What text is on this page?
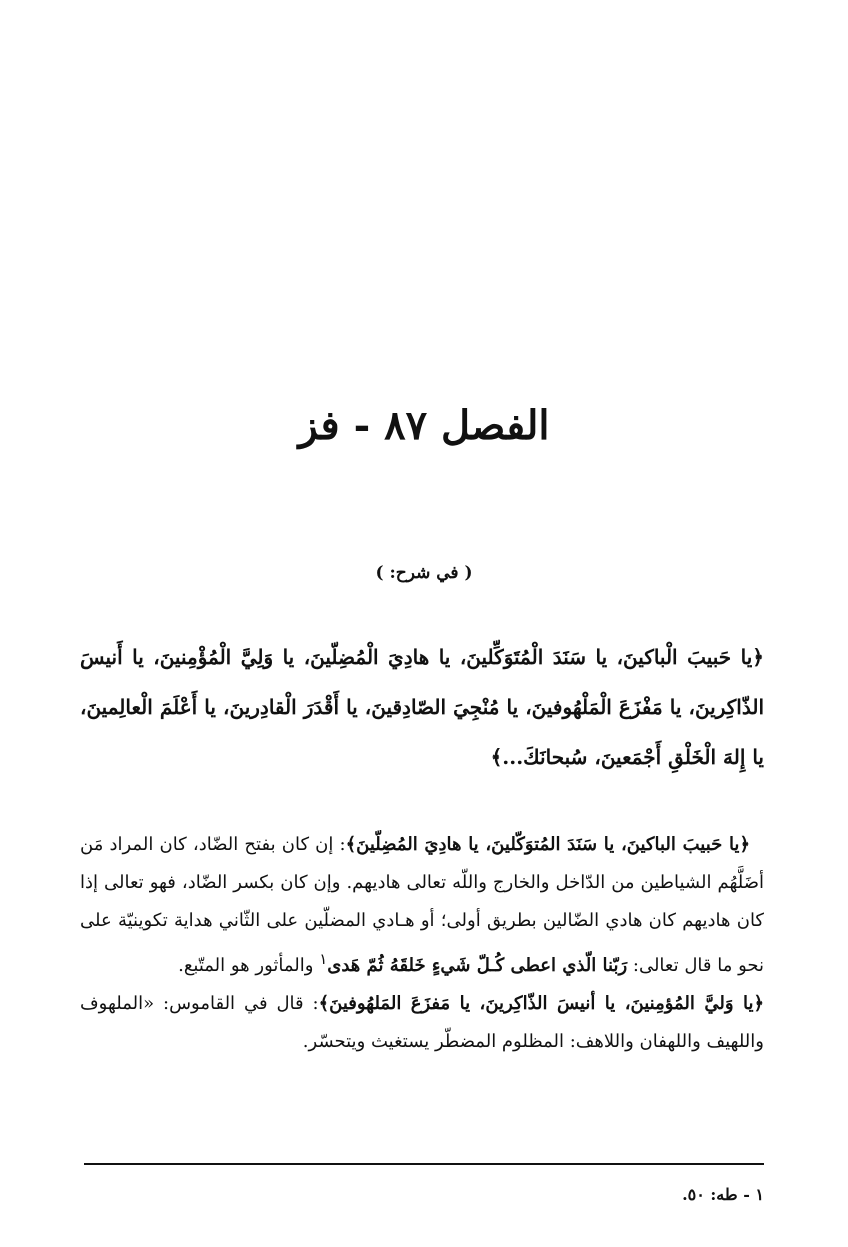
الفصل ٨٧ - فز
( في شرح: )
﴿يا حَبيبَ الْباكينَ، يا سَنَدَ الْمُتَوَكِّلينَ، يا هادِيَ الْمُضِلّينَ، يا وَلِيَّ الْمُؤْمِنينَ، يا أَنيسَ الذّاكِرينَ، يا مَفْزَعَ الْمَلْهُوفينَ، يا مُنْجِيَ الصّادِقينَ، يا أَقْدَرَ الْقادِرينَ، يا أَعْلَمَ الْعالِمينَ، يا إِلهَ الْخَلْقِ أَجْمَعينَ، سُبحانَكَ...﴾

﴿يا حَبيبَ الباكينَ، يا سَنَدَ المُتوَكّلينَ، يا هادِيَ المُضِلّينَ﴾: إن كان بفتح الضّاد، كان المراد مَن أضَلَّهُم الشياطين من الدّاخل والخارج واللّه تعالى هاديهم. وإن كان بكسر الضّاد، فهو تعالى إذا كان هاديهم كان هادي الضّالين بطريق أولى؛ أو هـادي المضلّين على الثّاني هداية تكوينيّة على نحو ما قال تعالى: رَبّنا الّذي اعطى كُـلّ شَيءٍ خَلقَهُ ثُمّ هَدى$^١$ والمأثور هو المتّبع.

﴿يا وَليَّ المُؤمِنينَ، يا أنيسَ الذّاكِرينَ، يا مَفزَعَ المَلهُوفينَ﴾: قال في القاموس: «الملهوف واللهيف واللهفان واللاهف: المظلوم المضطّر يستغيث ويتحسّر.

١ - طه: ٥٠.
